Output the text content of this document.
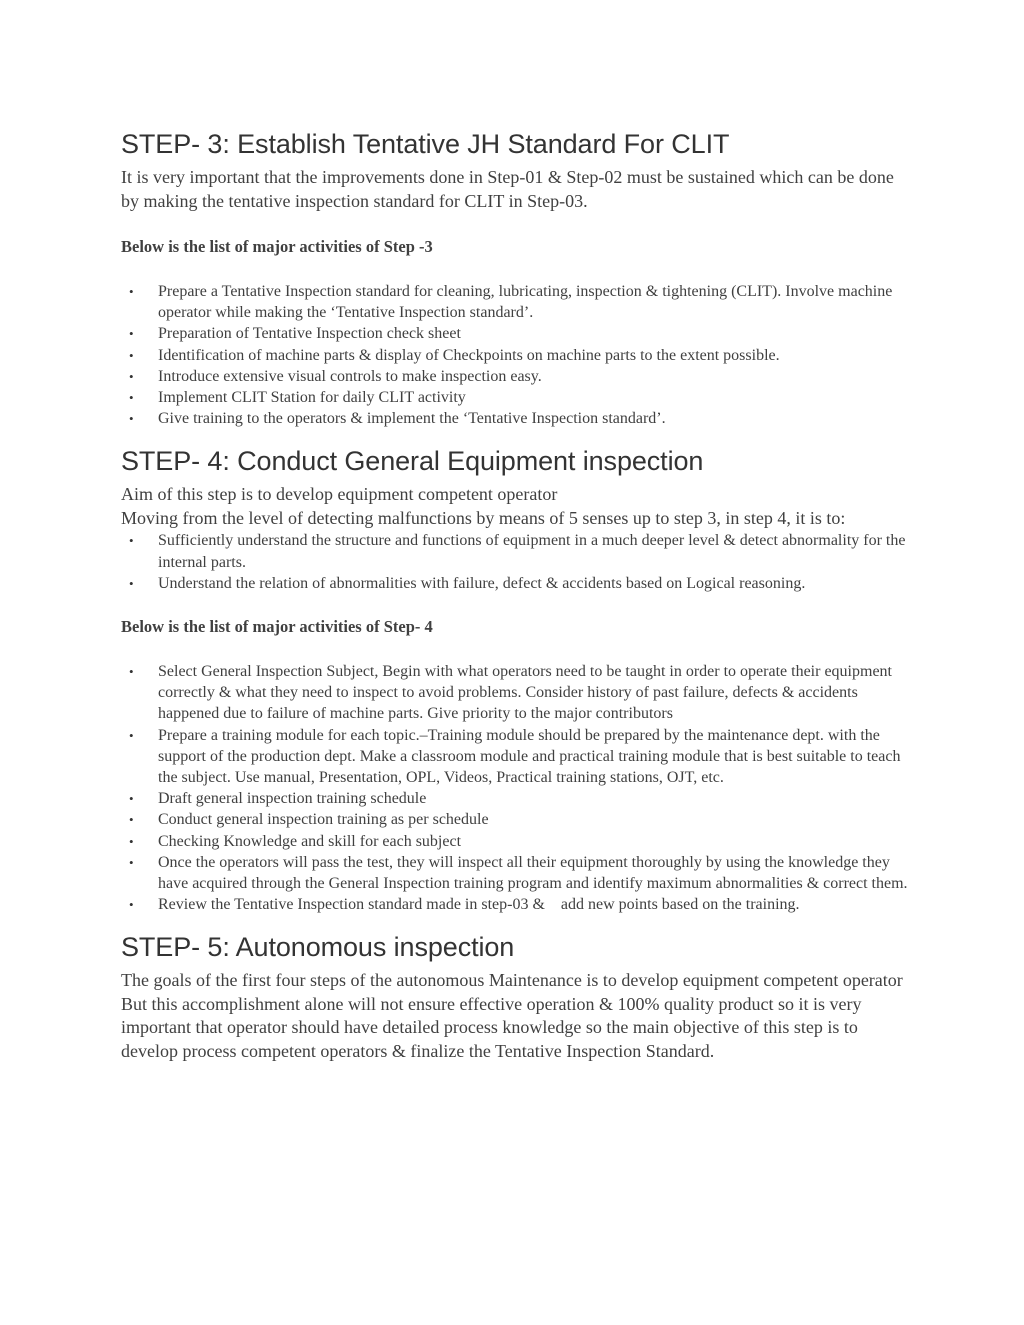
STEP- 3: Establish Tentative JH Standard For CLIT

It is very important that the improvements done in Step-01 & Step-02 must be sustained which can be done by making the tentative inspection standard for CLIT in Step-03.

Below is the list of major activities of Step -3

• Prepare a Tentative Inspection standard for cleaning, lubricating, inspection & tightening (CLIT). Involve machine operator while making the ‘Tentative Inspection standard’.
• Preparation of Tentative Inspection check sheet
• Identification of machine parts & display of Checkpoints on machine parts to the extent possible.
• Introduce extensive visual controls to make inspection easy.
• Implement CLIT Station for daily CLIT activity
• Give training to the operators & implement the ‘Tentative Inspection standard’.
STEP- 4: Conduct General Equipment inspection

Aim of this step is to develop equipment competent operator

Moving from the level of detecting malfunctions by means of 5 senses up to step 3, in step 4, it is to:

• Sufficiently understand the structure and functions of equipment in a much deeper level & detect abnormality for the internal parts.
• Understand the relation of abnormalities with failure, defect & accidents based on Logical reasoning.

Below is the list of major activities of Step- 4

• Select General Inspection Subject, Begin with what operators need to be taught in order to operate their equipment correctly & what they need to inspect to avoid problems. Consider history of past failure, defects & accidents happened due to failure of machine parts. Give priority to the major contributors
• Prepare a training module for each topic.–Training module should be prepared by the maintenance dept. with the support of the production dept. Make a classroom module and practical training module that is best suitable to teach the subject. Use manual, Presentation, OPL, Videos, Practical training stations, OJT, etc.
• Draft general inspection training schedule
• Conduct general inspection training as per schedule
• Checking Knowledge and skill for each subject
• Once the operators will pass the test, they will inspect all their equipment thoroughly by using the knowledge they have acquired through the General Inspection training program and identify maximum abnormalities & correct them.
• Review the Tentative Inspection standard made in step-03 &    add new points based on the training.
STEP- 5: Autonomous inspection

The goals of the first four steps of the autonomous Maintenance is to develop equipment competent operator But this accomplishment alone will not ensure effective operation & 100% quality product so it is very important that operator should have detailed process knowledge so the main objective of this step is to develop process competent operators & finalize the Tentative Inspection Standard.
